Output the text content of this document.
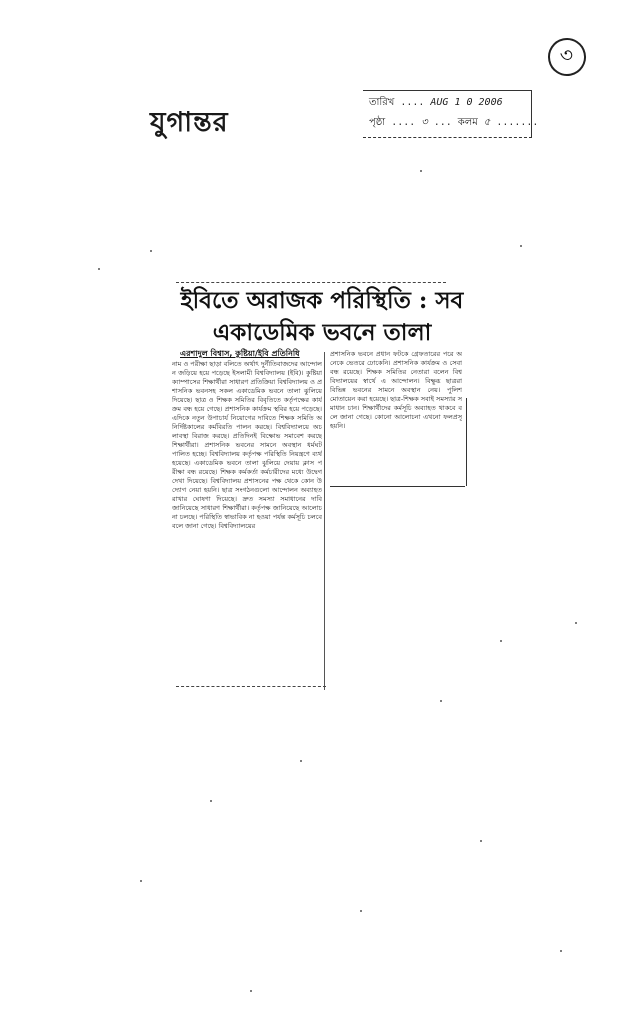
৩
যুগান্তর
তারিখ .... AUG 1 0 2006
পৃষ্ঠা .... ৩ ... কলম ৫ .......
ইবিতে অরাজক পরিস্থিতি : সব
একাডেমিক ভবনে তালা
এরশাদুল বিশ্বাস, কুষ্টিয়া/ইবি প্রতিনিধি
নাম ও পরীক্ষা ছাড়া বলিতে অর্থাৎ দুর্নীতিবাজদের আন্দোলন জড়িয়ে হয়ে পড়েছে ইসলামী বিশ্ববিদ্যালয় (ইবি)। কুষ্টিয়া ক্যাম্পাসের শিক্ষার্থীরা সাধারণ প্রতিক্রিয়া বিশ্ববিদ্যালয় ও প্রশাসনিক ভবনসহ সকল একাডেমিক ভবনে তালা ঝুলিয়ে দিয়েছে। ছাত্র ও শিক্ষক সমিতির বিবৃতিতে কর্তৃপক্ষের কার্যক্রম বন্ধ হয়ে গেছে। প্রশাসনিক কার্যক্রম স্থবির হয়ে পড়েছে। এদিকে নতুন উপাচার্য নিয়োগের দাবিতে শিক্ষক সমিতি অনির্দিষ্টকালের কর্মবিরতি পালন করছে। বিশ্ববিদ্যালয়ে অচলাবস্থা বিরাজ করছে। প্রতিদিনই বিক্ষোভ সমাবেশ করছে শিক্ষার্থীরা। প্রশাসনিক ভবনের সামনে অবস্থান ধর্মঘট পালিত হচ্ছে। বিশ্ববিদ্যালয় কর্তৃপক্ষ পরিস্থিতি নিয়ন্ত্রণে ব্যর্থ হয়েছে। একাডেমিক ভবনে তালা ঝুলিয়ে দেয়ায় ক্লাস পরীক্ষা বন্ধ রয়েছে। শিক্ষক কর্মকর্তা কর্মচারীদের মধ্যে উদ্বেগ দেখা দিয়েছে। বিশ্ববিদ্যালয় প্রশাসনের পক্ষ থেকে কোন উদ্যোগ নেয়া হয়নি। ছাত্র সংগঠনগুলো আন্দোলন অব্যাহত রাখার ঘোষণা দিয়েছে। দ্রুত সমস্যা সমাধানের দাবি জানিয়েছে সাধারণ শিক্ষার্থীরা। কর্তৃপক্ষ জানিয়েছে আলোচনা চলছে। পরিস্থিতি স্বাভাবিক না হওয়া পর্যন্ত কর্মসূচি চলবে বলে জানা গেছে। বিশ্ববিদ্যালয়ের
প্রশাসনিক ভবনে প্রধান ফটকে গ্রেফতারের পরে অনেকে ভেতরে ঢোকেনি। প্রশাসনিক কার্যক্রম ও সেবা বন্ধ রয়েছে। শিক্ষক সমিতির নেতারা বলেন বিশ্ববিদ্যালয়ের স্বার্থে এ আন্দোলন। বিক্ষুব্ধ ছাত্ররা বিভিন্ন ভবনের সামনে অবস্থান নেয়। পুলিশ মোতায়েন করা হয়েছে। ছাত্র-শিক্ষক সবাই সমস্যার সমাধান চান। শিক্ষার্থীদের কর্মসূচি অব্যাহত থাকবে বলে জানা গেছে। কোনো আলোচনা এখনো ফলপ্রসূ হয়নি।
